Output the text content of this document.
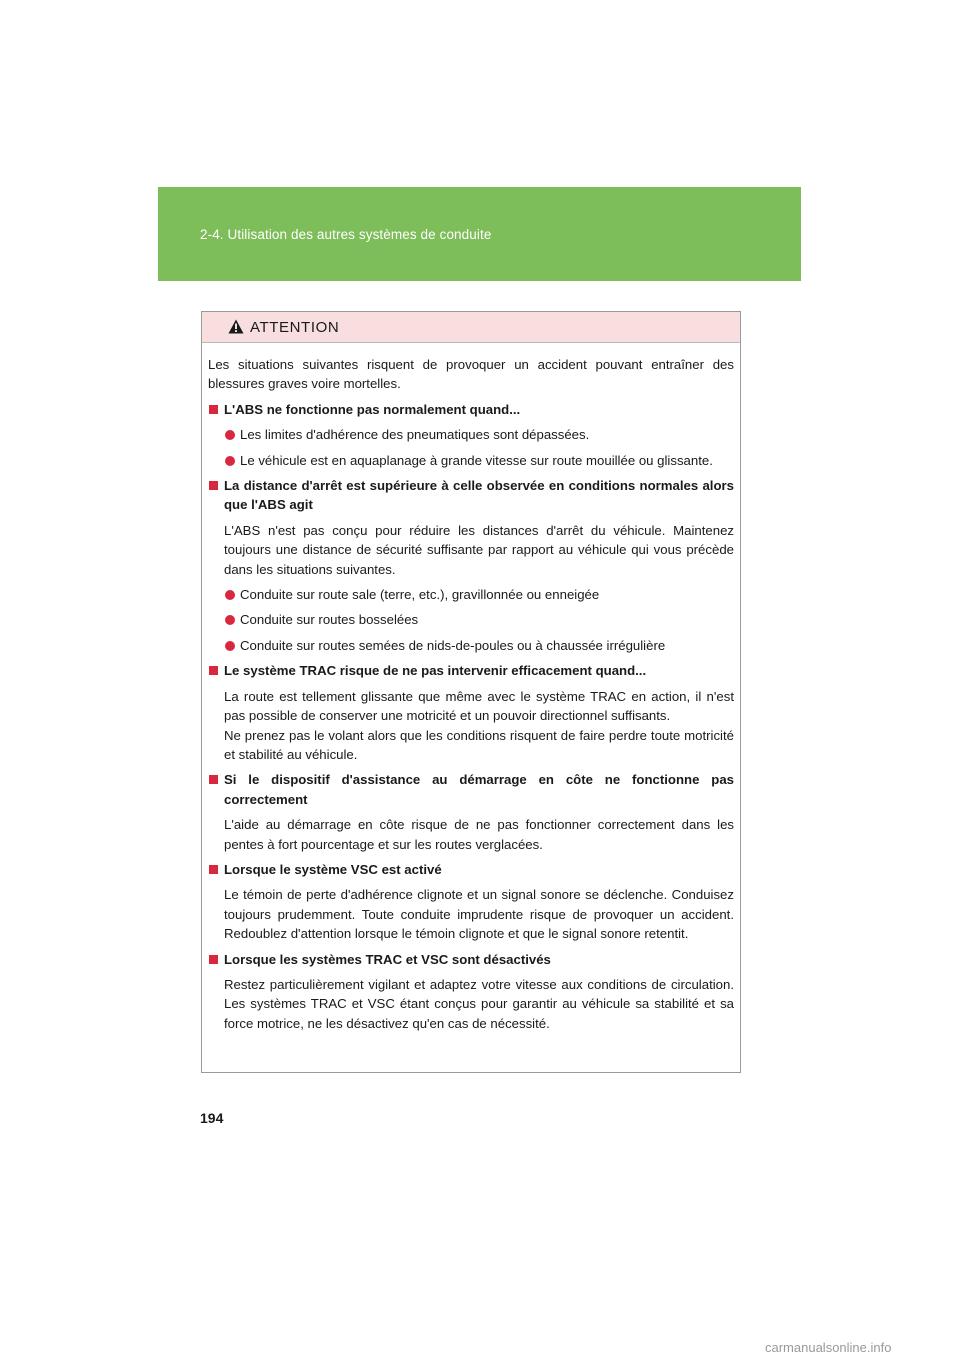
2-4. Utilisation des autres systèmes de conduite
ATTENTION

Les situations suivantes risquent de provoquer un accident pouvant entraîner des blessures graves voire mortelles.

L'ABS ne fonctionne pas normalement quand...

Les limites d'adhérence des pneumatiques sont dépassées.

Le véhicule est en aquaplanage à grande vitesse sur route mouillée ou glissante.

La distance d'arrêt est supérieure à celle observée en conditions normales alors que l'ABS agit

L'ABS n'est pas conçu pour réduire les distances d'arrêt du véhicule. Maintenez toujours une distance de sécurité suffisante par rapport au véhicule qui vous précède dans les situations suivantes.

Conduite sur route sale (terre, etc.), gravillonnée ou enneigée

Conduite sur routes bosselées

Conduite sur routes semées de nids-de-poules ou à chaussée irrégulière

Le système TRAC risque de ne pas intervenir efficacement quand...

La route est tellement glissante que même avec le système TRAC en action, il n'est pas possible de conserver une motricité et un pouvoir directionnel suffisants.

Ne prenez pas le volant alors que les conditions risquent de faire perdre toute motricité et stabilité au véhicule.

Si le dispositif d'assistance au démarrage en côte ne fonctionne pas correctement

L'aide au démarrage en côte risque de ne pas fonctionner correctement dans les pentes à fort pourcentage et sur les routes verglacées.

Lorsque le système VSC est activé

Le témoin de perte d'adhérence clignote et un signal sonore se déclenche. Conduisez toujours prudemment. Toute conduite imprudente risque de provoquer un accident. Redoublez d'attention lorsque le témoin clignote et que le signal sonore retentit.

Lorsque les systèmes TRAC et VSC sont désactivés

Restez particulièrement vigilant et adaptez votre vitesse aux conditions de circulation. Les systèmes TRAC et VSC étant conçus pour garantir au véhicule sa stabilité et sa force motrice, ne les désactivez qu'en cas de nécessité.

194
carmanualsonline.info
